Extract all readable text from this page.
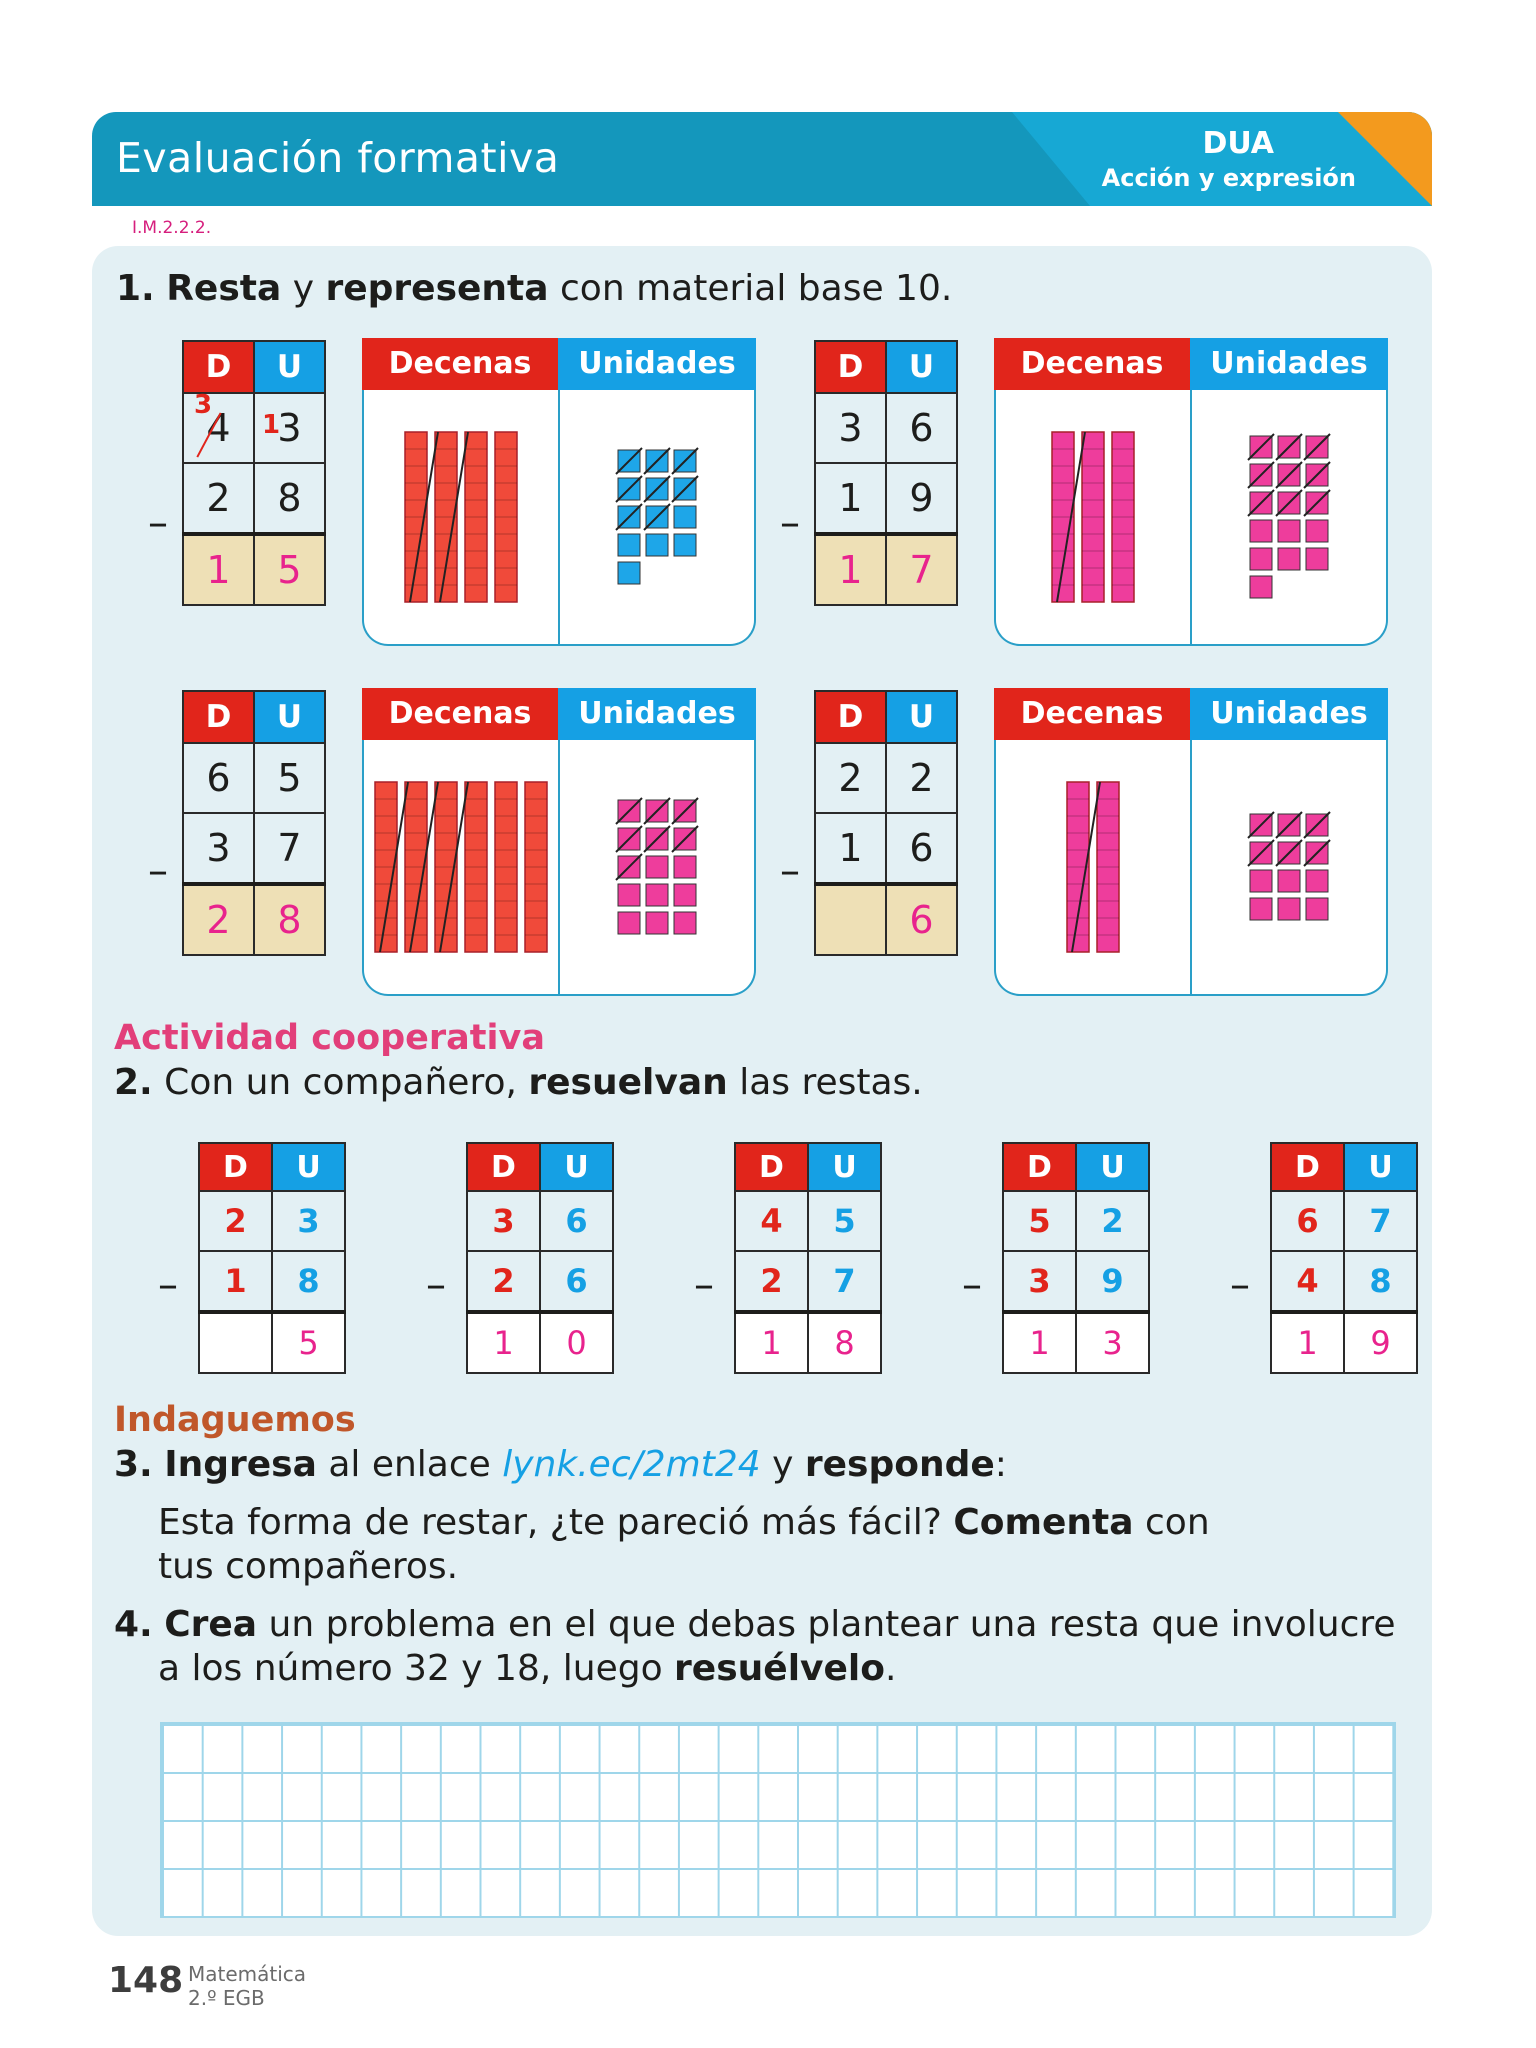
Evaluación formativa	DUA
Acción y expresión
I.M.2.2.2.
1. Resta y representa con material base 10.
D	U
4	3
2	8
1	5
–
Decenas	Unidades
3
1
D	U
3	6
1	9
1	7
–
Decenas	Unidades
D	U
6	5
3	7
2	8
–
Decenas	Unidades	D	U
2	2
1	6
	6
–
Decenas	Unidades
Actividad cooperativa
2. Con un compañero, resuelvan las restas.
D	U
2	3
1	8
	5
–
D	U
3	6
2	6
1	0
–
D	U
4	5
2	7
1	8
–
D	U
5	2
3	9
1	3
–
D	U
6	7
4	8
1	9
–
Indaguemos
3. Ingresa al enlace lynk.ec/2mt24 y responde:
Esta forma de restar, ¿te pareció más fácil? Comenta con
tus compañeros.
4. Crea un problema en el que debas plantear una resta que involucre
a los número 32 y 18, luego resuélvelo.
148 Matemática
2.º EGB
